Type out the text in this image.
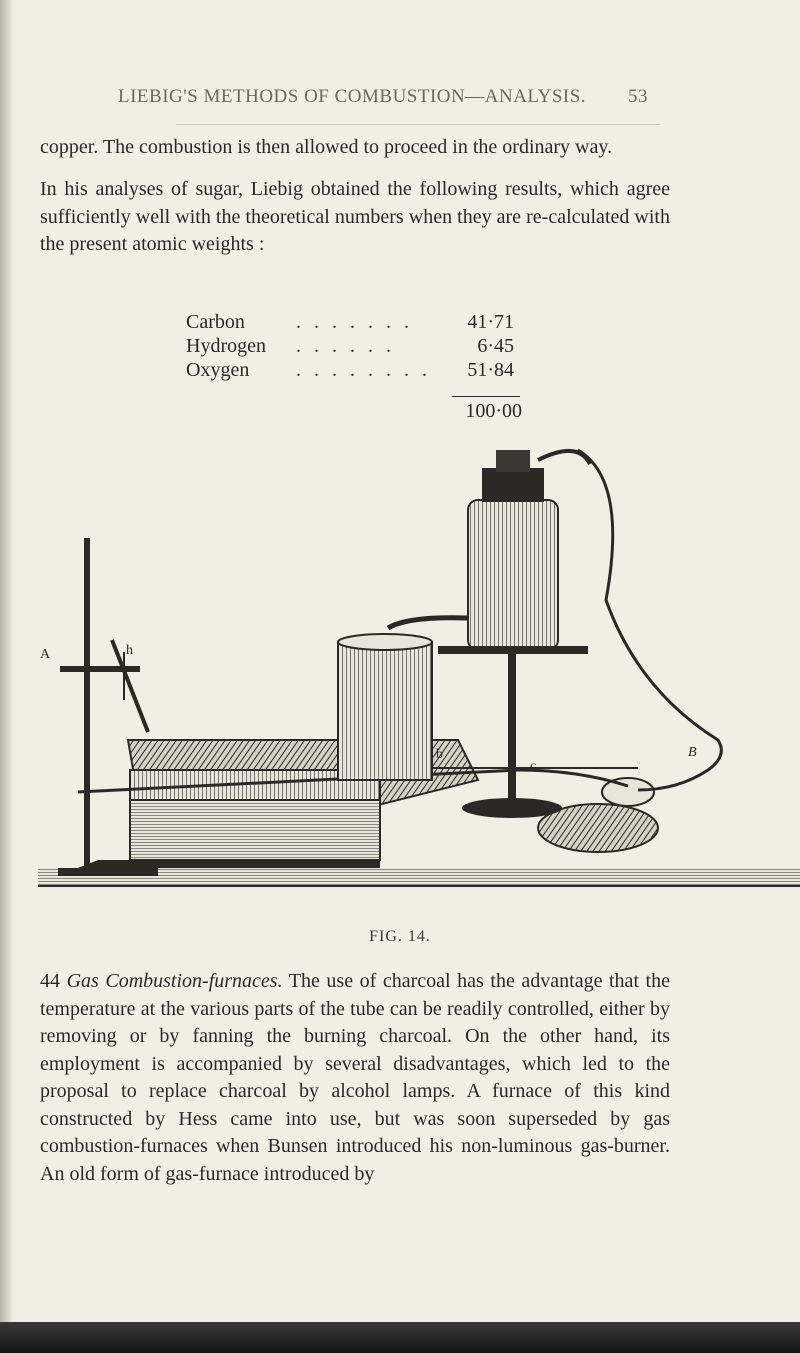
LIEBIG'S METHODS OF COMBUSTION—ANALYSIS. 53

copper. The combustion is then allowed to proceed in the ordinary way.

In his analyses of sugar, Liebig obtained the following results, which agree sufficiently well with the theoretical numbers when they are re-calculated with the present atomic weights :

Carbon	. . . . . . .	41·71
Hydrogen . . . . . .	6·45
Oxygen . . . . . . . . 51·84
100·00
A	h
b
c
B
FIG. 14.

44 Gas Combustion-furnaces. The use of charcoal has the advantage that the temperature at the various parts of the tube can be readily controlled, either by removing or by fanning the burning charcoal. On the other hand, its employment is accompanied by several disadvantages, which led to the proposal to replace charcoal by alcohol lamps. A furnace of this kind constructed by Hess came into use, but was soon superseded by gas combustion-furnaces when Bunsen introduced his non-luminous gas-burner. An old form of gas-furnace introduced by
